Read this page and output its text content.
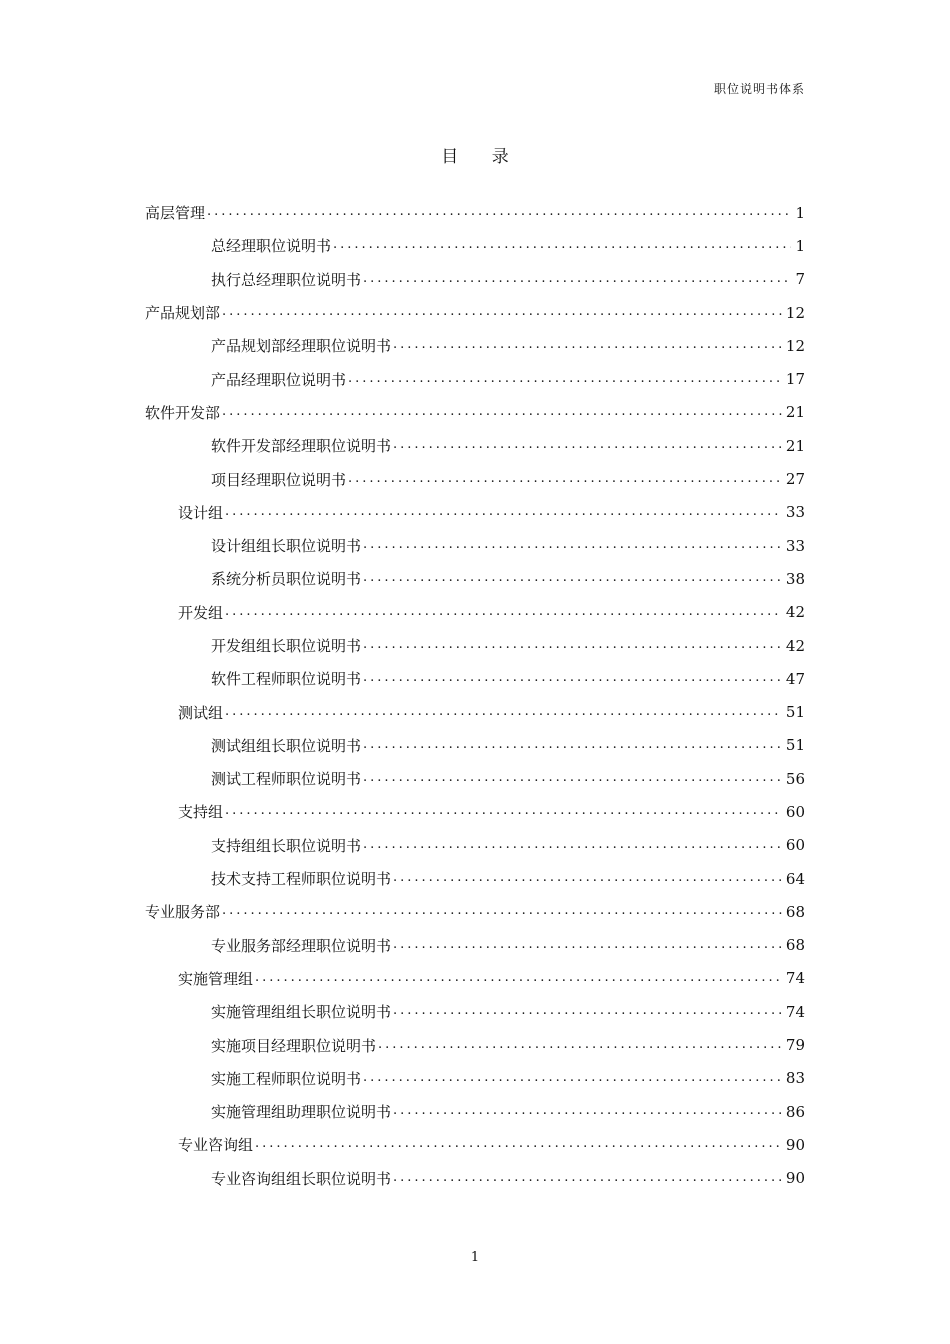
职位说明书体系
目 录
高层管理 .....	1
总经理职位说明书 .....	1
执行总经理职位说明书 .....	7
产品规划部 .....	12
产品规划部经理职位说明书 .....	12
产品经理职位说明书 .....	17
软件开发部 .....	21
软件开发部经理职位说明书 .....	21
项目经理职位说明书 .....	27
设计组 .....	33
设计组组长职位说明书 .....	33
系统分析员职位说明书 .....	38
开发组 .....	42
开发组组长职位说明书 .....	42
软件工程师职位说明书 .....	47
测试组 .....	51
测试组组长职位说明书 .....	51
测试工程师职位说明书 .....	56
支持组 .....	60
支持组组长职位说明书 .....	60
技术支持工程师职位说明书 .....	64
专业服务部 .....	68
专业服务部经理职位说明书 .....	68
实施管理组 .....	74
实施管理组组长职位说明书 .....	74
实施项目经理职位说明书 .....	79
实施工程师职位说明书 .....	83
实施管理组助理职位说明书 .....	86
专业咨询组 .....	90
专业咨询组组长职位说明书 .....	90
1
